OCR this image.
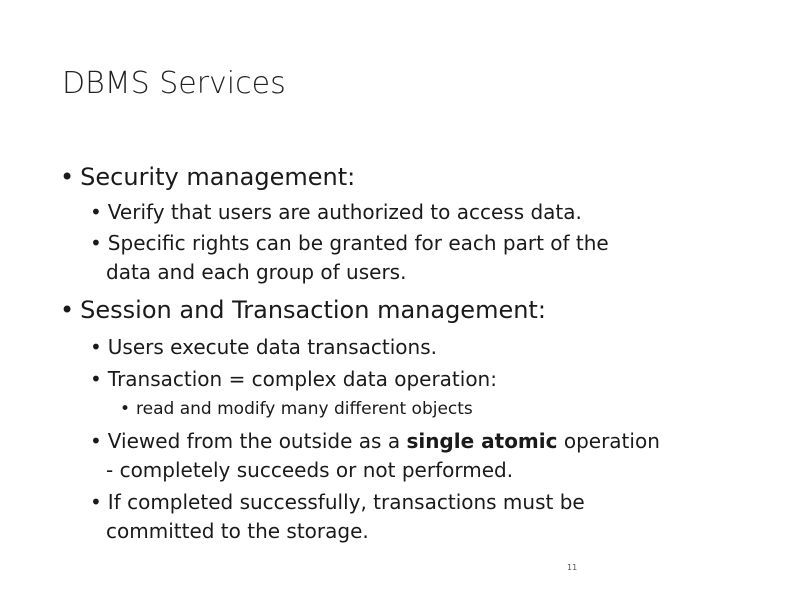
DBMS Services
• Security management:
• Verify that users are authorized to access data.
• Specific rights can be granted for each part of the
data and each group of users.
• Session and Transaction management:
• Users execute data transactions.
• Transaction = complex data operation:
• read and modify many different objects
• Viewed from the outside as a single atomic operation
- completely succeeds or not performed.
• If completed successfully, transactions must be
committed to the storage.
11
